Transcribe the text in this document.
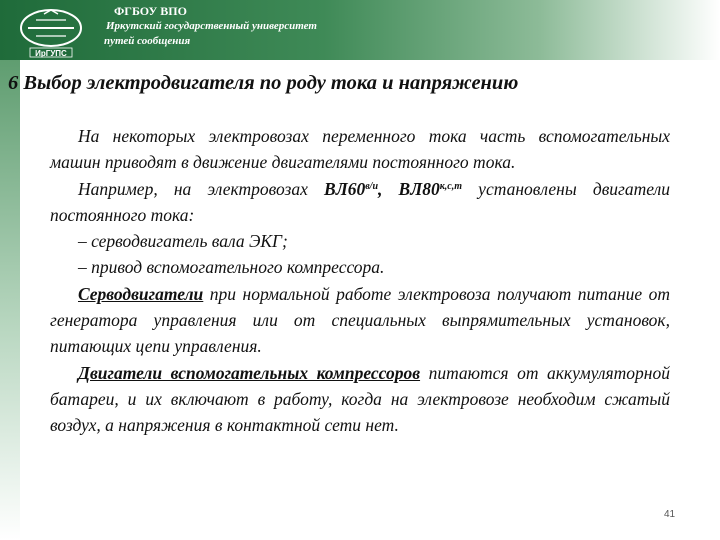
ИрГУПС
ФГБОУ ВПО
Иркутский государственный университет
путей сообщения
6 Выбор электродвигателя по роду тока и напряжению

На некоторых электровозах переменного тока часть вспомогательных машин приводят в движение двигателями постоянного тока.

Например, на электровозах $ВЛ60^{в/и}$, $ВЛ80^{к,с,т}$ установлены двигатели постоянного тока:

– серводвигатель вала ЭКГ;

– привод вспомогательного компрессора.

Серводвигатели при нормальной работе электровоза получают питание от генератора управления или от специальных выпрямительных установок, питающих цепи управления.

Двигатели вспомогательных компрессоров питаются от аккумуляторной батареи, и их включают в работу, когда на электровозе необходим сжатый воздух, а напряжения в контактной сети нет.

41
